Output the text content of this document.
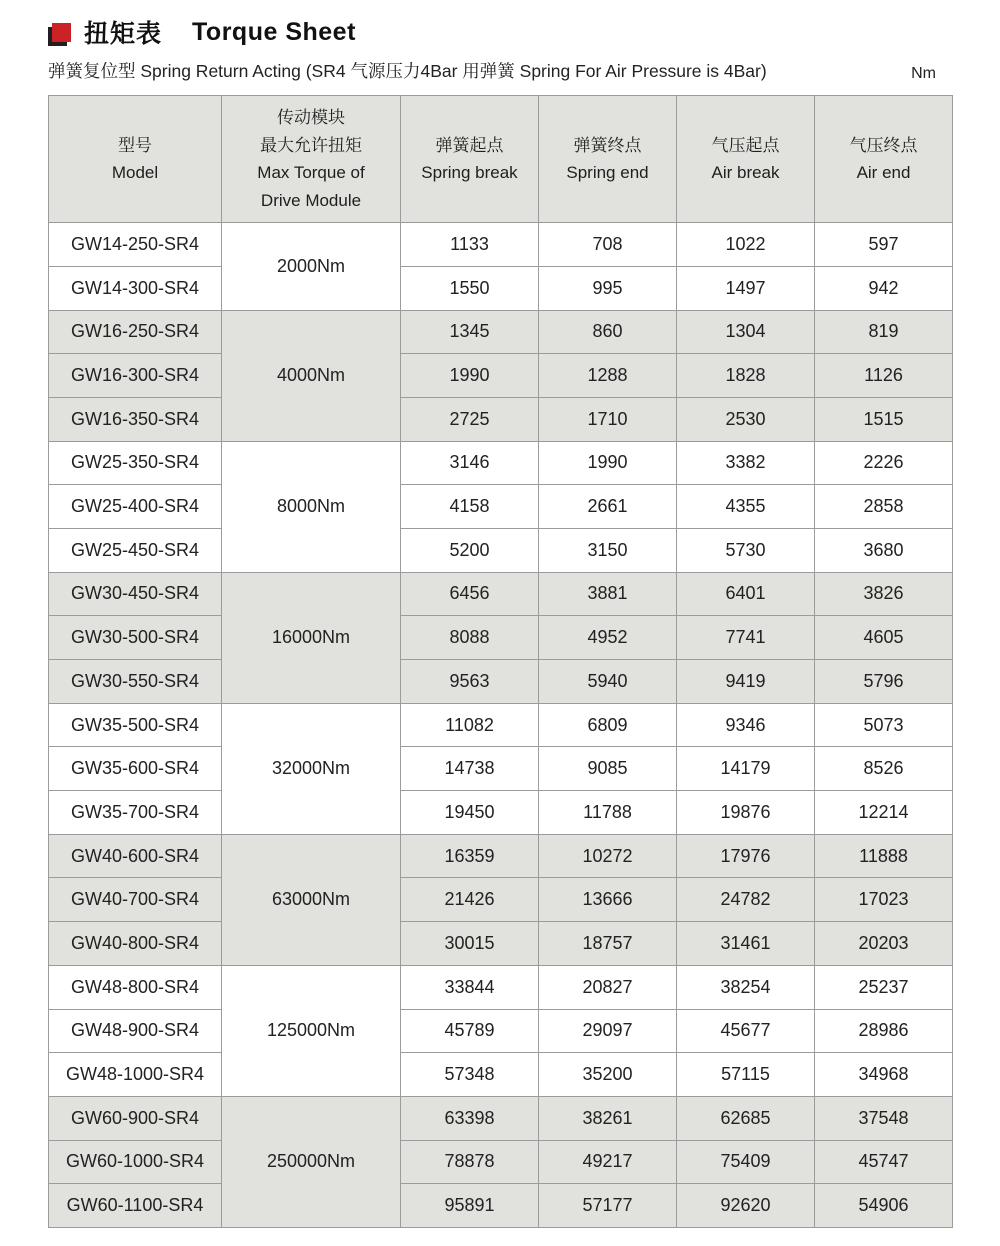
扭矩表 Torque Sheet
弹簧复位型 Spring Return Acting (SR4 气源压力4Bar 用弹簧 Spring For Air Pressure is 4Bar)	Nm
型号
Model

传动模块
最大允许扭矩
Max Torque of
Drive Module

弹簧起点
Spring break

弹簧终点
Spring end

气压起点
Air break

气压终点
Air end

GW14-250-SR4	2000Nm	1133	708	1022	597
GW14-300-SR4		1550	995	1497	942
GW16-250-SR4	4000Nm	1345	860	1304	819
GW16-300-SR4		1990	1288	1828	1126
GW16-350-SR4		2725	1710	2530	1515
GW25-350-SR4	8000Nm	3146	1990	3382	2226
GW25-400-SR4		4158	2661	4355	2858
GW25-450-SR4		5200	3150	5730	3680
GW30-450-SR4	16000Nm	6456	3881	6401	3826
GW30-500-SR4		8088	4952	7741	4605
GW30-550-SR4		9563	5940	9419	5796
GW35-500-SR4	32000Nm	11082	6809	9346	5073
GW35-600-SR4		14738	9085	14179	8526
GW35-700-SR4		19450	11788	19876	12214
GW40-600-SR4	63000Nm	16359	10272	17976	11888
GW40-700-SR4		21426	13666	24782	17023
GW40-800-SR4		30015	18757	31461	20203
GW48-800-SR4	125000Nm	33844	20827	38254	25237
GW48-900-SR4		45789	29097	45677	28986
GW48-1000-SR4		57348	35200	57115	34968
GW60-900-SR4	250000Nm	63398	38261	62685	37548
GW60-1000-SR4		78878	49217	75409	45747
GW60-1100-SR4		95891	57177	92620	54906
